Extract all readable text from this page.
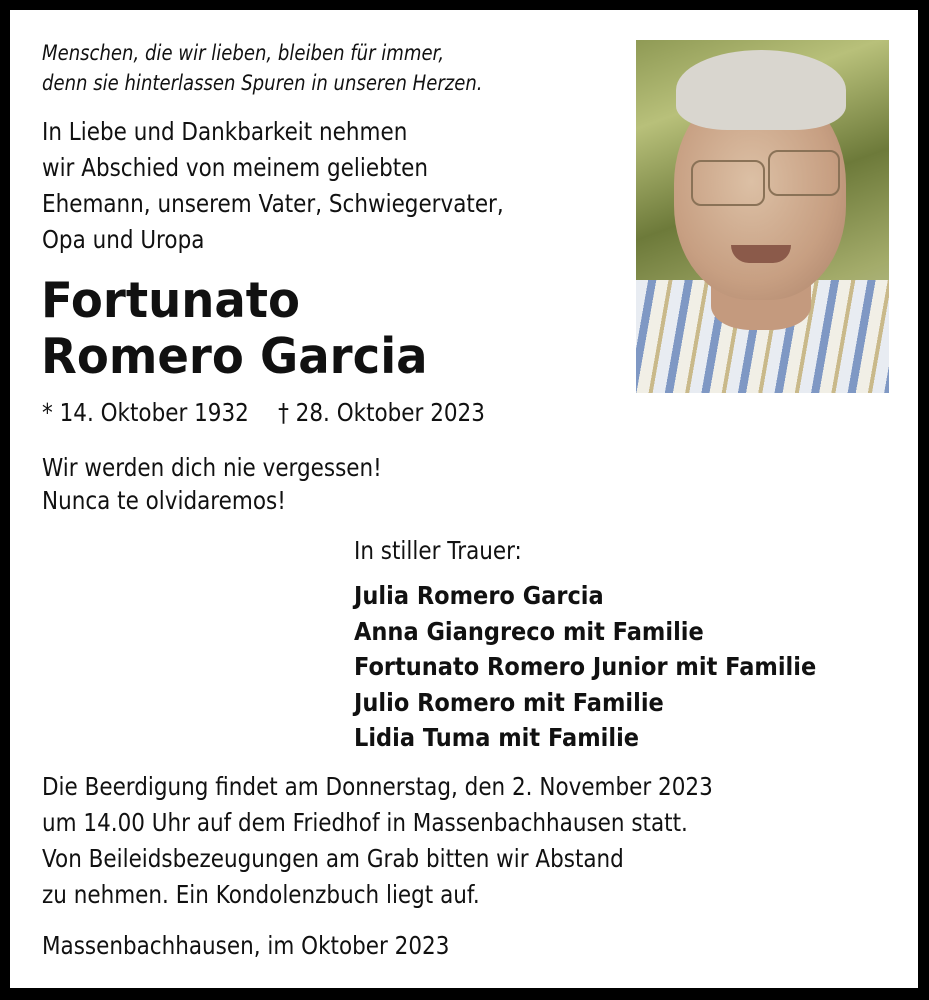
Menschen, die wir lieben, bleiben für immer,
denn sie hinterlassen Spuren in unseren Herzen.
In Liebe und Dankbarkeit nehmen
wir Abschied von meinem geliebten
Ehemann, unserem Vater, Schwiegervater,
Opa und Uropa
Fortunato
Romero Garcia
* 14. Oktober 1932 † 28. Oktober 2023
Wir werden dich nie vergessen!
Nunca te olvidaremos!
In stiller Trauer:
Julia Romero Garcia
Anna Giangreco mit Familie
Fortunato Romero Junior mit Familie
Julio Romero mit Familie
Lidia Tuma mit Familie
Die Beerdigung findet am Donnerstag, den 2. November 2023
um 14.00 Uhr auf dem Friedhof in Massenbachhausen statt.
Von Beileidsbezeugungen am Grab bitten wir Abstand
zu nehmen. Ein Kondolenzbuch liegt auf.
Massenbachhausen, im Oktober 2023
